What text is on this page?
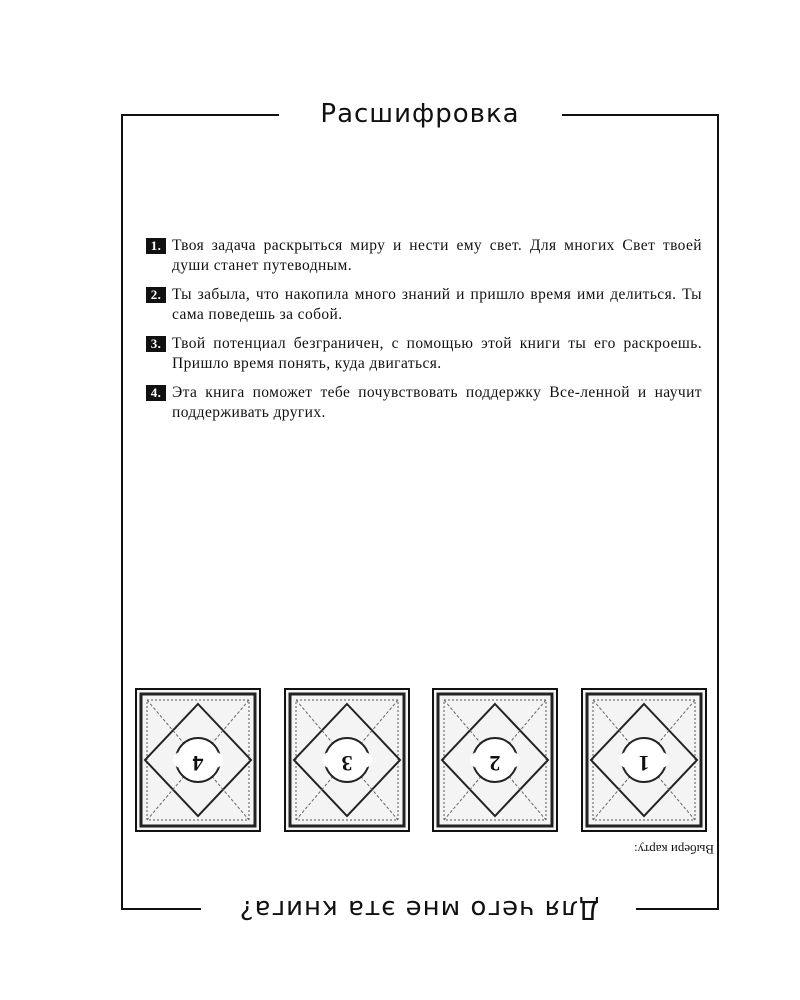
Расшифровка
1. Твоя задача раскрыться миру и нести ему свет. Для многих Свет твоей души станет путеводным.
2. Ты забыла, что накопила много знаний и пришло время ими делиться. Ты сама поведешь за собой.
3. Твой потенциал безграничен, с помощью этой книги ты его раскроешь. Пришло время понять, куда двигаться.
4. Эта книга поможет тебе почувствовать поддержку Все-ленной и научит поддерживать других.
4	3	2	1
Выбери карту:
Для чего мне эта книга?
